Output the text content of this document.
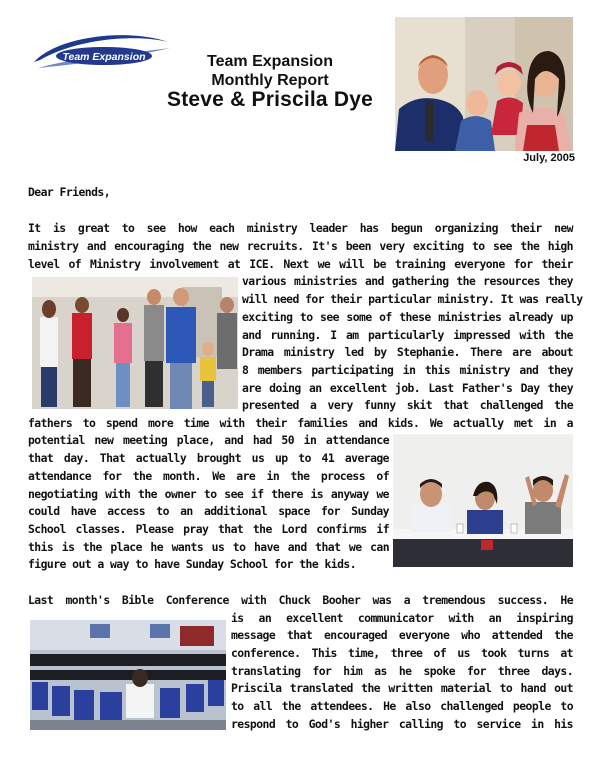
Team Expansion	Team Expansion
Monthly Report
Steve & Priscila Dye
July, 2005
Dear Friends,
It is great to see how each ministry leader has begun organizing their new
ministry and encouraging the new recruits. It's been very exciting to see the high
level of Ministry involvement at ICE. Next we will be training everyone for their
various ministries and gathering the resources they
will need for their particular ministry. It was really
exciting to see some of these ministries already up
and running. I am particularly impressed with the
Drama ministry led by Stephanie. There are about
8 members participating in this ministry and they
are doing an excellent job. Last Father's Day they
presented a very funny skit that challenged the
fathers to spend more time with their families and kids. We actually met in a
potential new meeting place, and had 50 in attendance
that day. That actually brought us up to 41 average
attendance for the month. We are in the process of
negotiating with the owner to see if there is anyway we
could have access to an additional space for Sunday
School classes. Please pray that the Lord confirms if
this is the place he wants us to have and that we can
figure out a way to have Sunday School for the kids.
Last month's Bible Conference with Chuck Booher was a tremendous success. He
is an excellent communicator with an inspiring
message that encouraged everyone who attended the
conference. This time, three of us took turns at
translating for him as he spoke for three days.
Priscila translated the written material to hand out
to all the attendees. He also challenged people to
respond to God's higher calling to service in his
